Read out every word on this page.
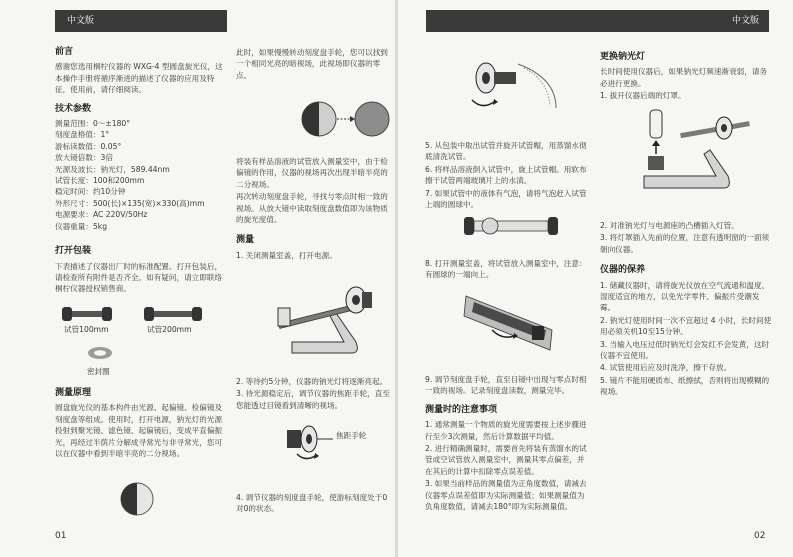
中文版	中文版
前言

感谢您选用桐柠仪器的 WXG-4 型圆盘旋光仪，这本操作手册将循序渐进的描述了仪器的应用及特征，使用前，请仔细阅读。

技术参数
测量范围：0～±180°
刻度盘格值：1°
游标读数值：0.05°
放大镜倍数：3倍
光源及波长：钠光灯，589.44nm
试管长度：100和200mm
稳定时间：约10分钟
外形尺寸：500(长)×135(宽)×330(高)mm
电源要求：AC 220V/50Hz
仪器重量：5kg
打开包装

下表描述了仪器出厂时的标准配置。打开包装后，请检查所有附件是否齐全。如有疑问，请立即联络桐柠仪器授权销售商。

试管100mm	试管200mm
密封圈
测量原理

圆盘旋光仪的基本构件由光源、起偏镜、检偏镜及刻度盘等组成。使用时，打开电源，钠光灯的光源投射到聚光镜、滤色镜、起偏镜后，变成平直偏振光，再经过半荫片分解成寻常光与非寻常光，您可以在仪器中看到半暗半亮的二分视场。

01

此时，如果慢慢转动刻度盘手轮，您可以找到一个相同光亮的暗视场，此视场即仪器的零点。

将装有样品溶液的试管放入测量室中，由于检偏镜的作用，仪器的视场再次出现半暗半亮的二分视场。

再次转动刻度盘手轮，寻找与零点时相一致的视场。从放大镜中读取刻度盘数值即为该物质的旋光度值。

测量

1. 关闭测量室盖，打开电源。

2. 等待约5分钟，仪器的钠光灯将逐渐亮起。

3. 待光源稳定后，调节仪器的焦距手轮，直至您能透过目镜看到清晰的视场。

焦距手轮

4. 调节仪器的刻度盘手轮，使游标刻度处于0对0的状态。

5. 从包装中取出试管并旋开试管帽，用蒸馏水彻底清洗试管。

6. 将样品溶液倒入试管中，旋上试管帽。用软布擦干试管两端玻璃片上的水渍。

7. 如果试管中的液体有气泡，请将气泡赶入试管上端的圆球中。

8. 打开测量室盖，将试管放入测量室中，注意：有圆球的一端向上。

9. 调节刻度盘手轮，直至目镜中出现与零点时相一致的视场。记录刻度盘读数，测量完毕。

测量时的注意事项

1. 通常测量一个物质的旋光度需要按上述步骤进行至少3次测量，然后计算数据平均值。

2. 进行精确测量时，需要首先将装有蒸馏水的试管或空试管放入测量室中，测量其零点偏差，并在其后的计算中扣除零点误差值。

3. 如果当前样品的测量值为正角度数值，请减去仪器零点误差值即为实际测量值；如果测量值为负角度数值，请减去180°即为实际测量值。

更换钠光灯

长时间使用仪器后，如果钠光灯频速渐衰弱，请务必进行更换。

1. 拔开仪器后端的灯罩。

2. 对准钠光灯与电源座的凸槽插入灯管。

3. 将灯罩插入先前的位置，注意有透明窗的一面须朝向仪器。

仪器的保养

1. 储藏仪器时，请将旋光仪放在空气流通和温度、湿度适宜的地方，以免光学零件、偏振片受潮发霉。

2. 钠光灯使用时间一次不宜超过 4 小时，长时间使用必须关机10至15分钟。

3. 当输入电压过低时钠光灯会发红不会发黄，这时仪器不宜使用。

4. 试管使用后应及时洗净，擦干存放。

5. 镜片不能用硬质布、纸擦拭，否则将出现模糊的视场。

02
